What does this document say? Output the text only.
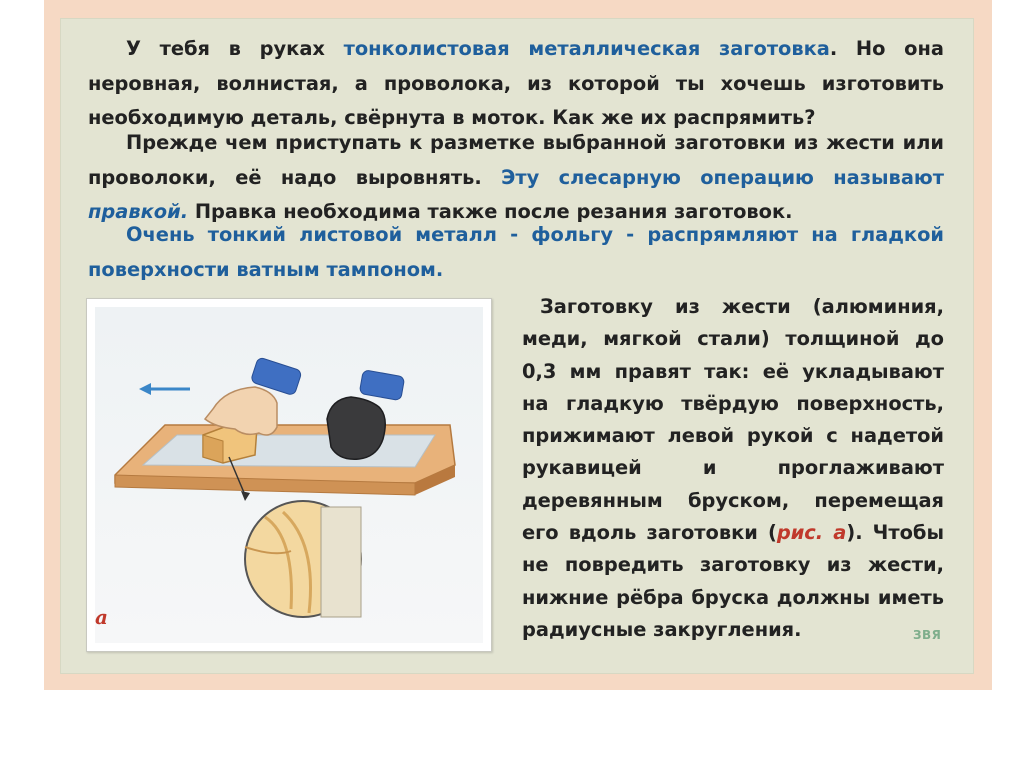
У тебя в руках тонколистовая металлическая заготовка. Но она неровная, волнистая, а проволока, из которой ты хочешь изготовить необходимую деталь, свёрнута в моток. Как же их распрямить?

Прежде чем приступать к разметке выбранной заготовки из жести или проволоки, её надо выровнять. Эту слесарную операцию называют правкой. Правка необходима также после резания заготовок.

Очень тонкий листовой металл - фольгу - распрямляют на гладкой поверхности ватным тампоном.

а

Заготовку из жести (алюминия, меди, мягкой стали) толщиной до 0,3 мм правят так: её укладывают на гладкую твёрдую поверхность, прижимают левой рукой с надетой рукавицей и проглаживают деревянным бруском, перемещая его вдоль заготовки (рис. а). Чтобы не повредить заготовку из жести, нижние рёбра бруска должны иметь радиусные закругления.	ЗВЯ
